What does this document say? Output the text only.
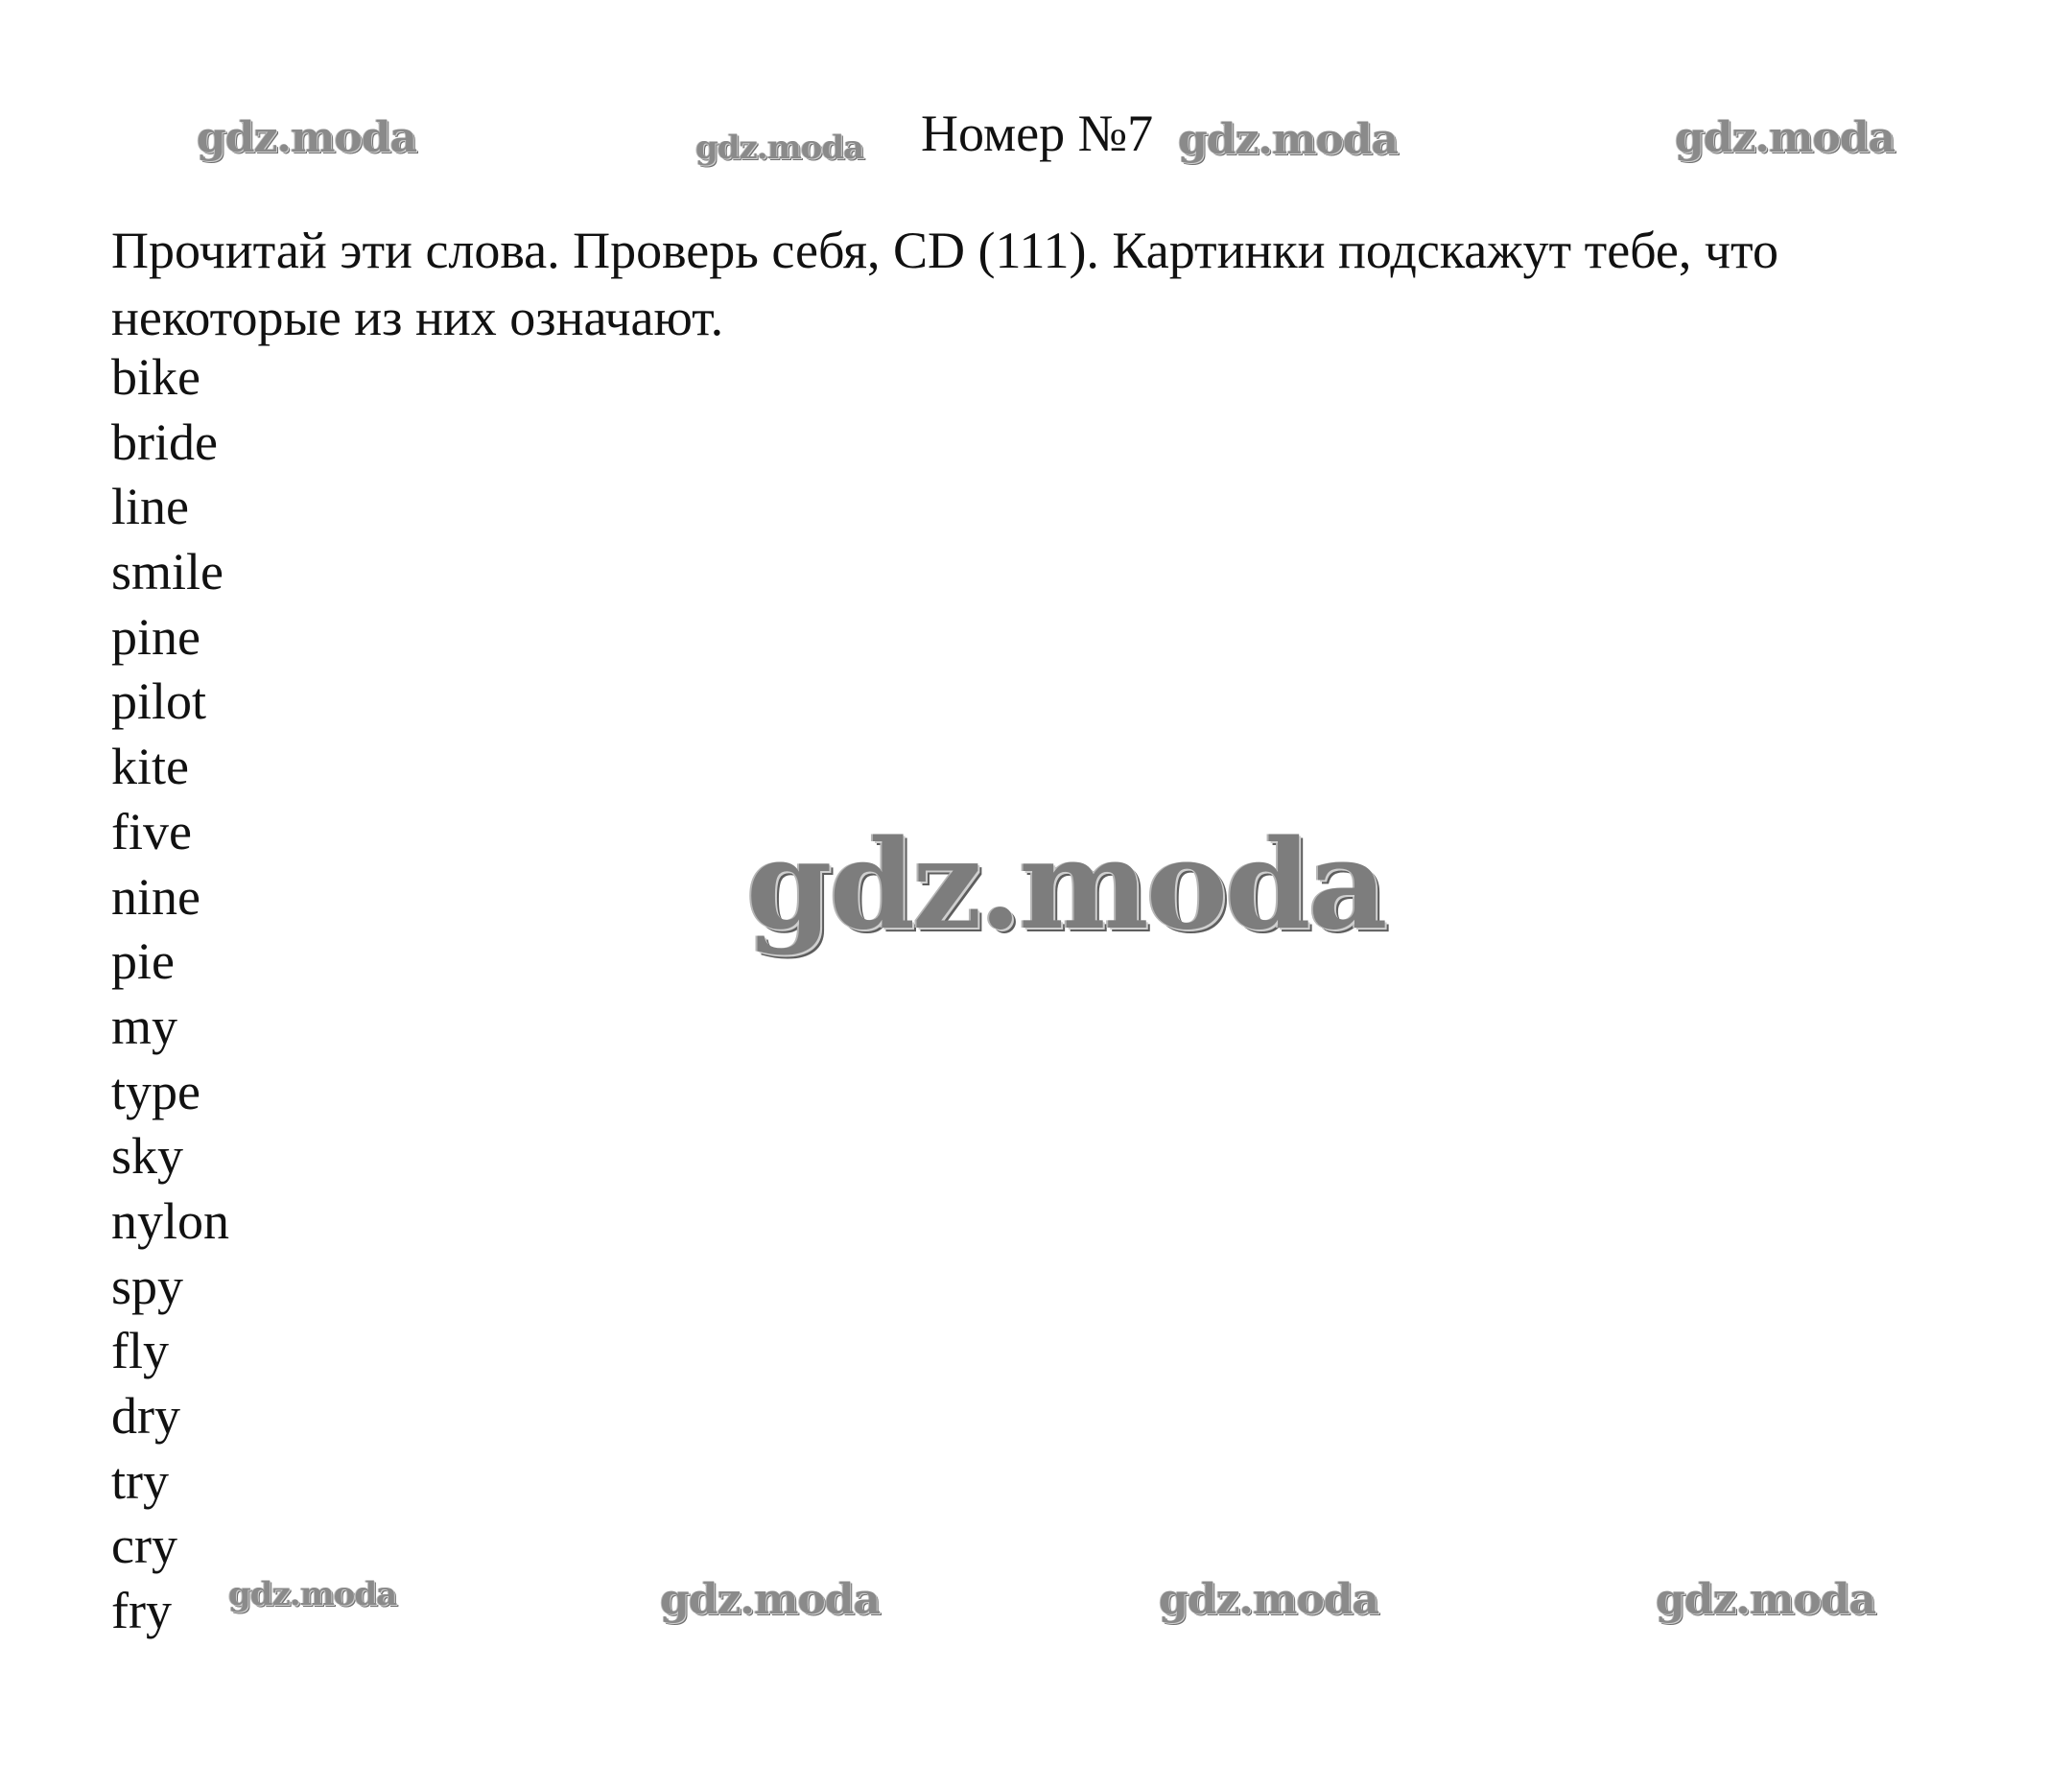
Номер №7
Прочитай эти слова. Проверь себя, CD (111). Картинки подскажут тебе, что некоторые из них означают.
bike
bride
line
smile
pine
pilot
kite
five
nine
pie
my
type
sky
nylon
spy
fly
dry
try
cry
fry
gdz.moda	gdz.moda	gdz.moda	gdz.moda
gdz.moda
gdz.moda	gdz.moda	gdz.moda	gdz.moda
